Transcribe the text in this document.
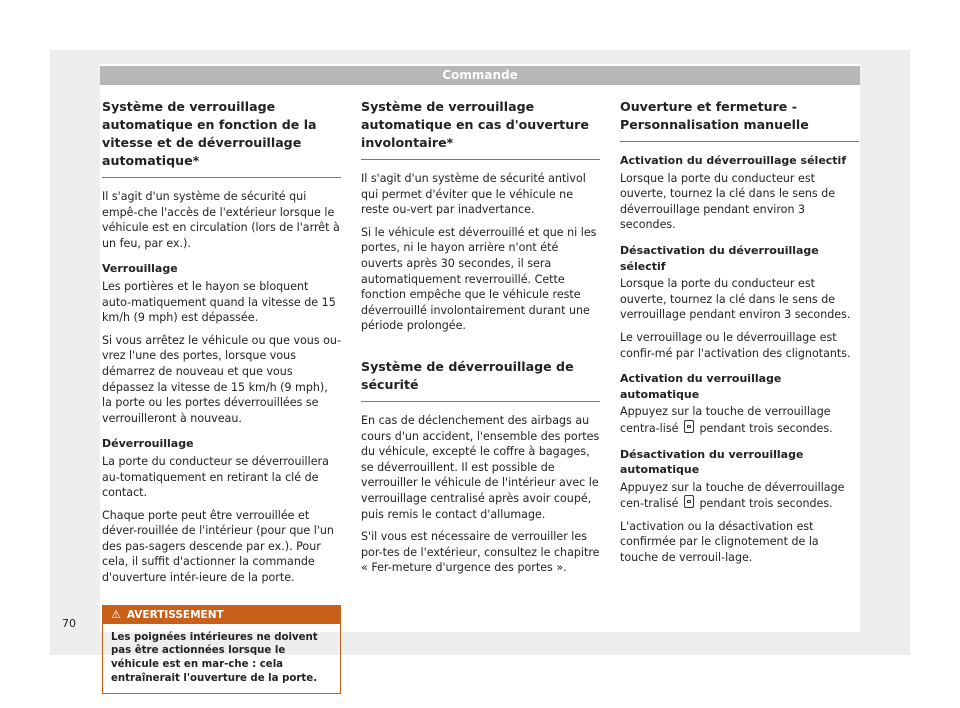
Commande
Système de verrouillage automatique en fonction de la vitesse et de déverrouillage automatique*

Il s'agit d'un système de sécurité qui empê-che l'accès de l'extérieur lorsque le véhicule est en circulation (lors de l'arrêt à un feu, par ex.).

Verrouillage

Les portières et le hayon se bloquent auto-matiquement quand la vitesse de 15 km/h (9 mph) est dépassée.

Si vous arrêtez le véhicule ou que vous ou-vrez l'une des portes, lorsque vous démarrez de nouveau et que vous dépassez la vitesse de 15 km/h (9 mph), la porte ou les portes déverrouillées se verrouilleront à nouveau.

Déverrouillage

La porte du conducteur se déverrouillera au-tomatiquement en retirant la clé de contact.

Chaque porte peut être verrouillée et déver-rouillée de l'intérieur (pour que l'un des pas-sagers descende par ex.). Pour cela, il suffit d'actionner la commande d'ouverture intér-ieure de la porte.

⚠ AVERTISSEMENT
Les poignées intérieures ne doivent pas être actionnées lorsque le véhicule est en mar-che : cela entraînerait l'ouverture de la porte.
Système de verrouillage automatique en cas d'ouverture involontaire*

Il s'agit d'un système de sécurité antivol qui permet d'éviter que le véhicule ne reste ou-vert par inadvertance.

Si le véhicule est déverrouillé et que ni les portes, ni le hayon arrière n'ont été ouverts après 30 secondes, il sera automatiquement reverrouillé. Cette fonction empêche que le véhicule reste déverrouillé involontairement durant une période prolongée.

Système de déverrouillage de sécurité

En cas de déclenchement des airbags au cours d'un accident, l'ensemble des portes du véhicule, excepté le coffre à bagages, se déverrouillent. Il est possible de verrouiller le véhicule de l'intérieur avec le verrouillage centralisé après avoir coupé, puis remis le contact d'allumage.

S'il vous est nécessaire de verrouiller les por-tes de l'extérieur, consultez le chapitre « Fer-meture d'urgence des portes ».

Ouverture et fermeture - Personnalisation manuelle

Activation du déverrouillage sélectif

Lorsque la porte du conducteur est ouverte, tournez la clé dans le sens de déverrouillage pendant environ 3 secondes.

Désactivation du déverrouillage sélectif

Lorsque la porte du conducteur est ouverte, tournez la clé dans le sens de verrouillage pendant environ 3 secondes.

Le verrouillage ou le déverrouillage est confir-mé par l'activation des clignotants.

Activation du verrouillage automatique

Appuyez sur la touche de verrouillage centra-lisé pendant trois secondes.

Désactivation du verrouillage automatique

Appuyez sur la touche de déverrouillage cen-tralisé pendant trois secondes.

L'activation ou la désactivation est confirmée par le clignotement de la touche de verrouil-lage.

70
